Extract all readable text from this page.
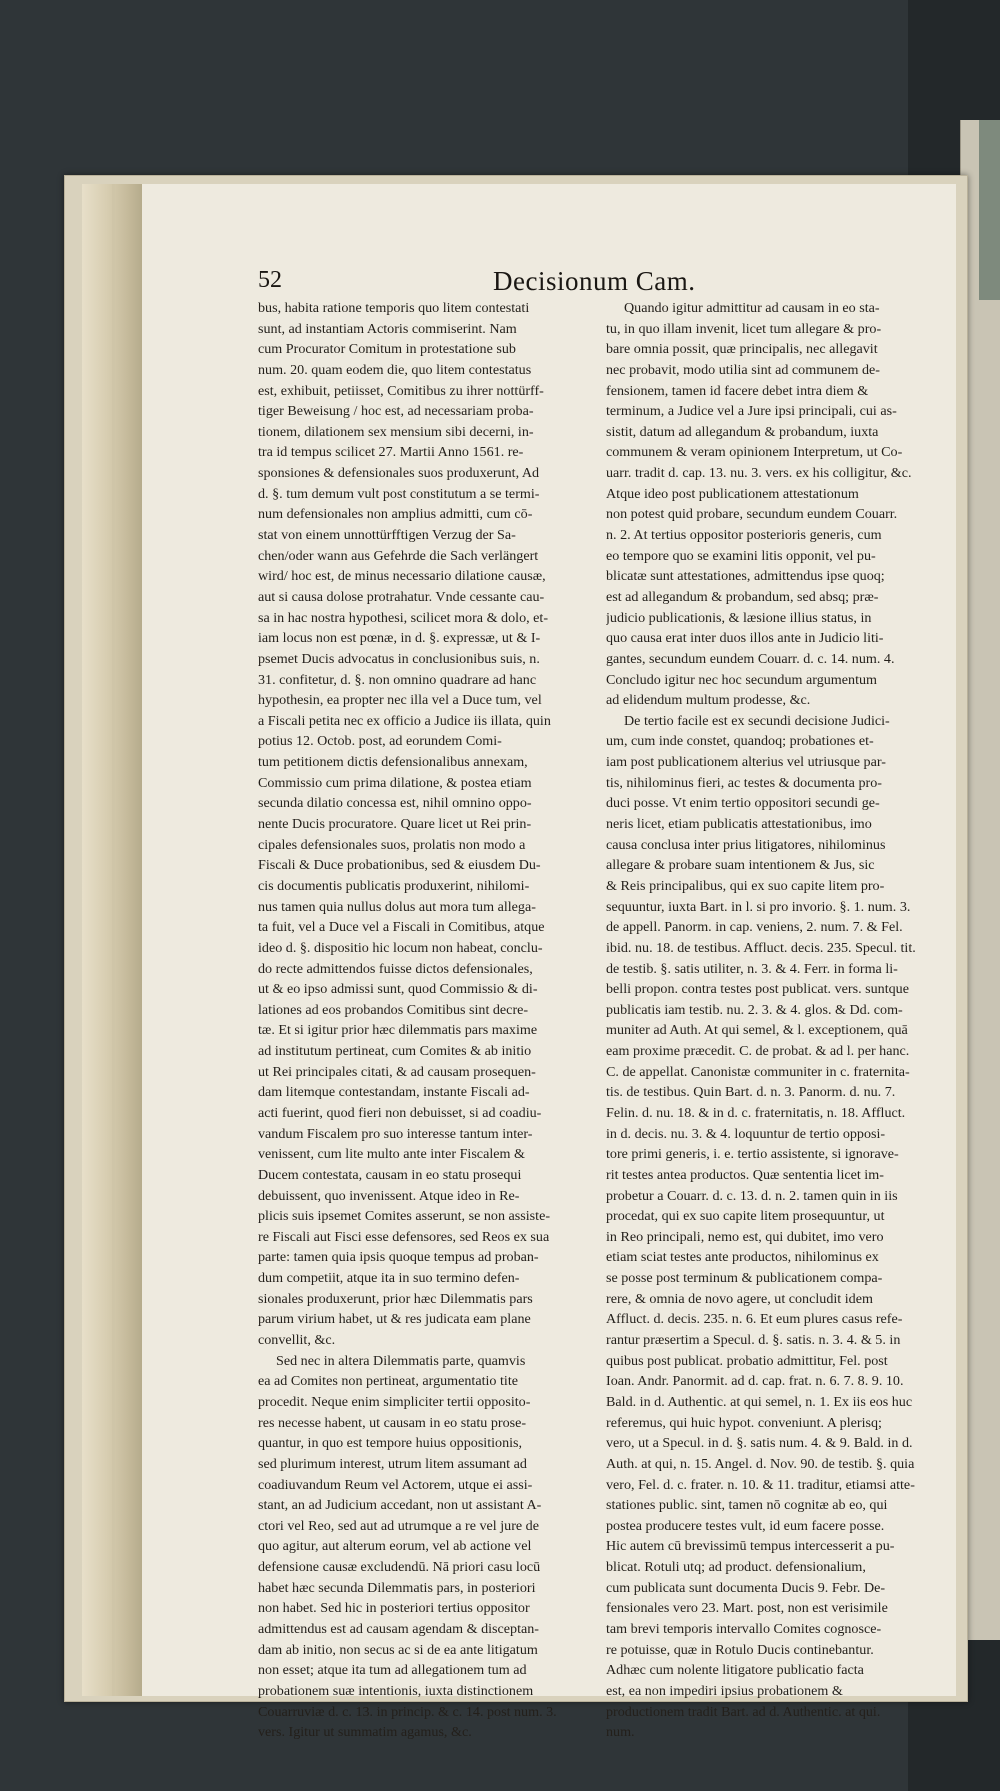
52	Decisionum Cam.
bus, habita ratione temporis quo litem contestati
sunt, ad instantiam Actoris commiserint. Nam
cum Procurator Comitum in protestatione sub
num. 20. quam eodem die, quo litem contestatus
est, exhibuit, petiisset, Comitibus zu ihrer nottürff-
tiger Beweisung / hoc est, ad necessariam proba-
tionem, dilationem sex mensium sibi decerni, in-
tra id tempus scilicet 27. Martii Anno 1561. re-
sponsiones & defensionales suos produxerunt, Ad
d. §. tum demum vult post constitutum a se termi-
num defensionales non amplius admitti, cum cō-
stat von einem unnottürfftigen Verzug der Sa-
chen/oder wann aus Gefehrde die Sach verlängert
wird/ hoc est, de minus necessario dilatione causæ,
aut si causa dolose protrahatur. Vnde cessante cau-
sa in hac nostra hypothesi, scilicet mora & dolo, et-
iam locus non est pœnæ, in d. §. expressæ, ut & I-
psemet Ducis advocatus in conclusionibus suis, n.
31. confitetur, d. §. non omnino quadrare ad hanc
hypothesin, ea propter nec illa vel a Duce tum, vel
a Fiscali petita nec ex officio a Judice iis illata, quin
potius 12. Octob. post, ad eorundem Comi-
tum petitionem dictis defensionalibus annexam,
Commissio cum prima dilatione, & postea etiam
secunda dilatio concessa est, nihil omnino oppo-
nente Ducis procuratore. Quare licet ut Rei prin-
cipales defensionales suos, prolatis non modo a
Fiscali & Duce probationibus, sed & eiusdem Du-
cis documentis publicatis produxerint, nihilomi-
nus tamen quia nullus dolus aut mora tum allega-
ta fuit, vel a Duce vel a Fiscali in Comitibus, atque
ideo d. §. dispositio hic locum non habeat, conclu-
do recte admittendos fuisse dictos defensionales,
ut & eo ipso admissi sunt, quod Commissio & di-
lationes ad eos probandos Comitibus sint decre-
tæ. Et si igitur prior hæc dilemmatis pars maxime
ad institutum pertineat, cum Comites & ab initio
ut Rei principales citati, & ad causam prosequen-
dam litemque contestandam, instante Fiscali ad-
acti fuerint, quod fieri non debuisset, si ad coadiu-
vandum Fiscalem pro suo interesse tantum inter-
venissent, cum lite multo ante inter Fiscalem &
Ducem contestata, causam in eo statu prosequi
debuissent, quo invenissent. Atque ideo in Re-
plicis suis ipsemet Comites asserunt, se non assiste-
re Fiscali aut Fisci esse defensores, sed Reos ex sua
parte: tamen quia ipsis quoque tempus ad proban-
dum competiit, atque ita in suo termino defen-
sionales produxerunt, prior hæc Dilemmatis pars
parum virium habet, ut & res judicata eam plane
convellit, &c.
Sed nec in altera Dilemmatis parte, quamvis
ea ad Comites non pertineat, argumentatio tite
procedit. Neque enim simpliciter tertii opposito-
res necesse habent, ut causam in eo statu prose-
quantur, in quo est tempore huius oppositionis,
sed plurimum interest, utrum litem assumant ad
coadiuvandum Reum vel Actorem, utque ei assi-
stant, an ad Judicium accedant, non ut assistant A-
ctori vel Reo, sed aut ad utrumque a re vel jure de
quo agitur, aut alterum eorum, vel ab actione vel
defensione causæ excludendū. Nā priori casu locū
habet hæc secunda Dilemmatis pars, in posteriori
non habet. Sed hic in posteriori tertius oppositor
admittendus est ad causam agendam & disceptan-
dam ab initio, non secus ac si de ea ante litigatum
non esset; atque ita tum ad allegationem tum ad
probationem suæ intentionis, iuxta distinctionem
Couarruviæ d. c. 13. in princip. & c. 14. post num. 3.
vers. Igitur ut summatim agamus, &c.
Quando igitur admittitur ad causam in eo sta-
tu, in quo illam invenit, licet tum allegare & pro-
bare omnia possit, quæ principalis, nec allegavit
nec probavit, modo utilia sint ad communem de-
fensionem, tamen id facere debet intra diem &
terminum, a Judice vel a Jure ipsi principali, cui as-
sistit, datum ad allegandum & probandum, iuxta
communem & veram opinionem Interpretum, ut Co-
uarr. tradit d. cap. 13. nu. 3. vers. ex his colligitur, &c.
Atque ideo post publicationem attestationum
non potest quid probare, secundum eundem Couarr.
n. 2. At tertius oppositor posterioris generis, cum
eo tempore quo se examini litis opponit, vel pu-
blicatæ sunt attestationes, admittendus ipse quoq;
est ad allegandum & probandum, sed absq; præ-
judicio publicationis, & læsione illius status, in
quo causa erat inter duos illos ante in Judicio liti-
gantes, secundum eundem Couarr. d. c. 14. num. 4.
Concludo igitur nec hoc secundum argumentum
ad elidendum multum prodesse, &c.
De tertio facile est ex secundi decisione Judici-
um, cum inde constet, quandoq; probationes et-
iam post publicationem alterius vel utriusque par-
tis, nihilominus fieri, ac testes & documenta pro-
duci posse. Vt enim tertio oppositori secundi ge-
neris licet, etiam publicatis attestationibus, imo
causa conclusa inter prius litigatores, nihilominus
allegare & probare suam intentionem & Jus, sic
& Reis principalibus, qui ex suo capite litem pro-
sequuntur, iuxta Bart. in l. si pro invorio. §. 1. num. 3.
de appell. Panorm. in cap. veniens, 2. num. 7. & Fel.
ibid. nu. 18. de testibus. Affluct. decis. 235. Specul. tit.
de testib. §. satis utiliter, n. 3. & 4. Ferr. in forma li-
belli propon. contra testes post publicat. vers. suntque
publicatis iam testib. nu. 2. 3. & 4. glos. & Dd. com-
muniter ad Auth. At qui semel, & l. exceptionem, quā
eam proxime præcedit. C. de probat. & ad l. per hanc.
C. de appellat. Canonistæ communiter in c. fraternita-
tis. de testibus. Quin Bart. d. n. 3. Panorm. d. nu. 7.
Felin. d. nu. 18. & in d. c. fraternitatis, n. 18. Affluct.
in d. decis. nu. 3. & 4. loquuntur de tertio opposi-
tore primi generis, i. e. tertio assistente, si ignorave-
rit testes antea productos. Quæ sententia licet im-
probetur a Couarr. d. c. 13. d. n. 2. tamen quin in iis
procedat, qui ex suo capite litem prosequuntur, ut
in Reo principali, nemo est, qui dubitet, imo vero
etiam sciat testes ante productos, nihilominus ex
se posse post terminum & publicationem compa-
rere, & omnia de novo agere, ut concludit idem
Affluct. d. decis. 235. n. 6. Et eum plures casus refe-
rantur præsertim a Specul. d. §. satis. n. 3. 4. & 5. in
quibus post publicat. probatio admittitur, Fel. post
Ioan. Andr. Panormit. ad d. cap. frat. n. 6. 7. 8. 9. 10.
Bald. in d. Authentic. at qui semel, n. 1. Ex iis eos huc
referemus, qui huic hypot. conveniunt. A plerisq;
vero, ut a Specul. in d. §. satis num. 4. & 9. Bald. in d.
Auth. at qui, n. 15. Angel. d. Nov. 90. de testib. §. quia
vero, Fel. d. c. frater. n. 10. & 11. traditur, etiamsi atte-
stationes public. sint, tamen nō cognitæ ab eo, qui
postea producere testes vult, id eum facere posse.
Hic autem cū brevissimū tempus intercesserit a pu-
blicat. Rotuli utq; ad product. defensionalium,
cum publicata sunt documenta Ducis 9. Febr. De-
fensionales vero 23. Mart. post, non est verisimile
tam brevi temporis intervallo Comites cognosce-
re potuisse, quæ in Rotulo Ducis continebantur.
Adhæc cum nolente litigatore publicatio facta
est, ea non impediri ipsius probationem &
productionem tradit Bart. ad d. Authentic. at qui.
num.
